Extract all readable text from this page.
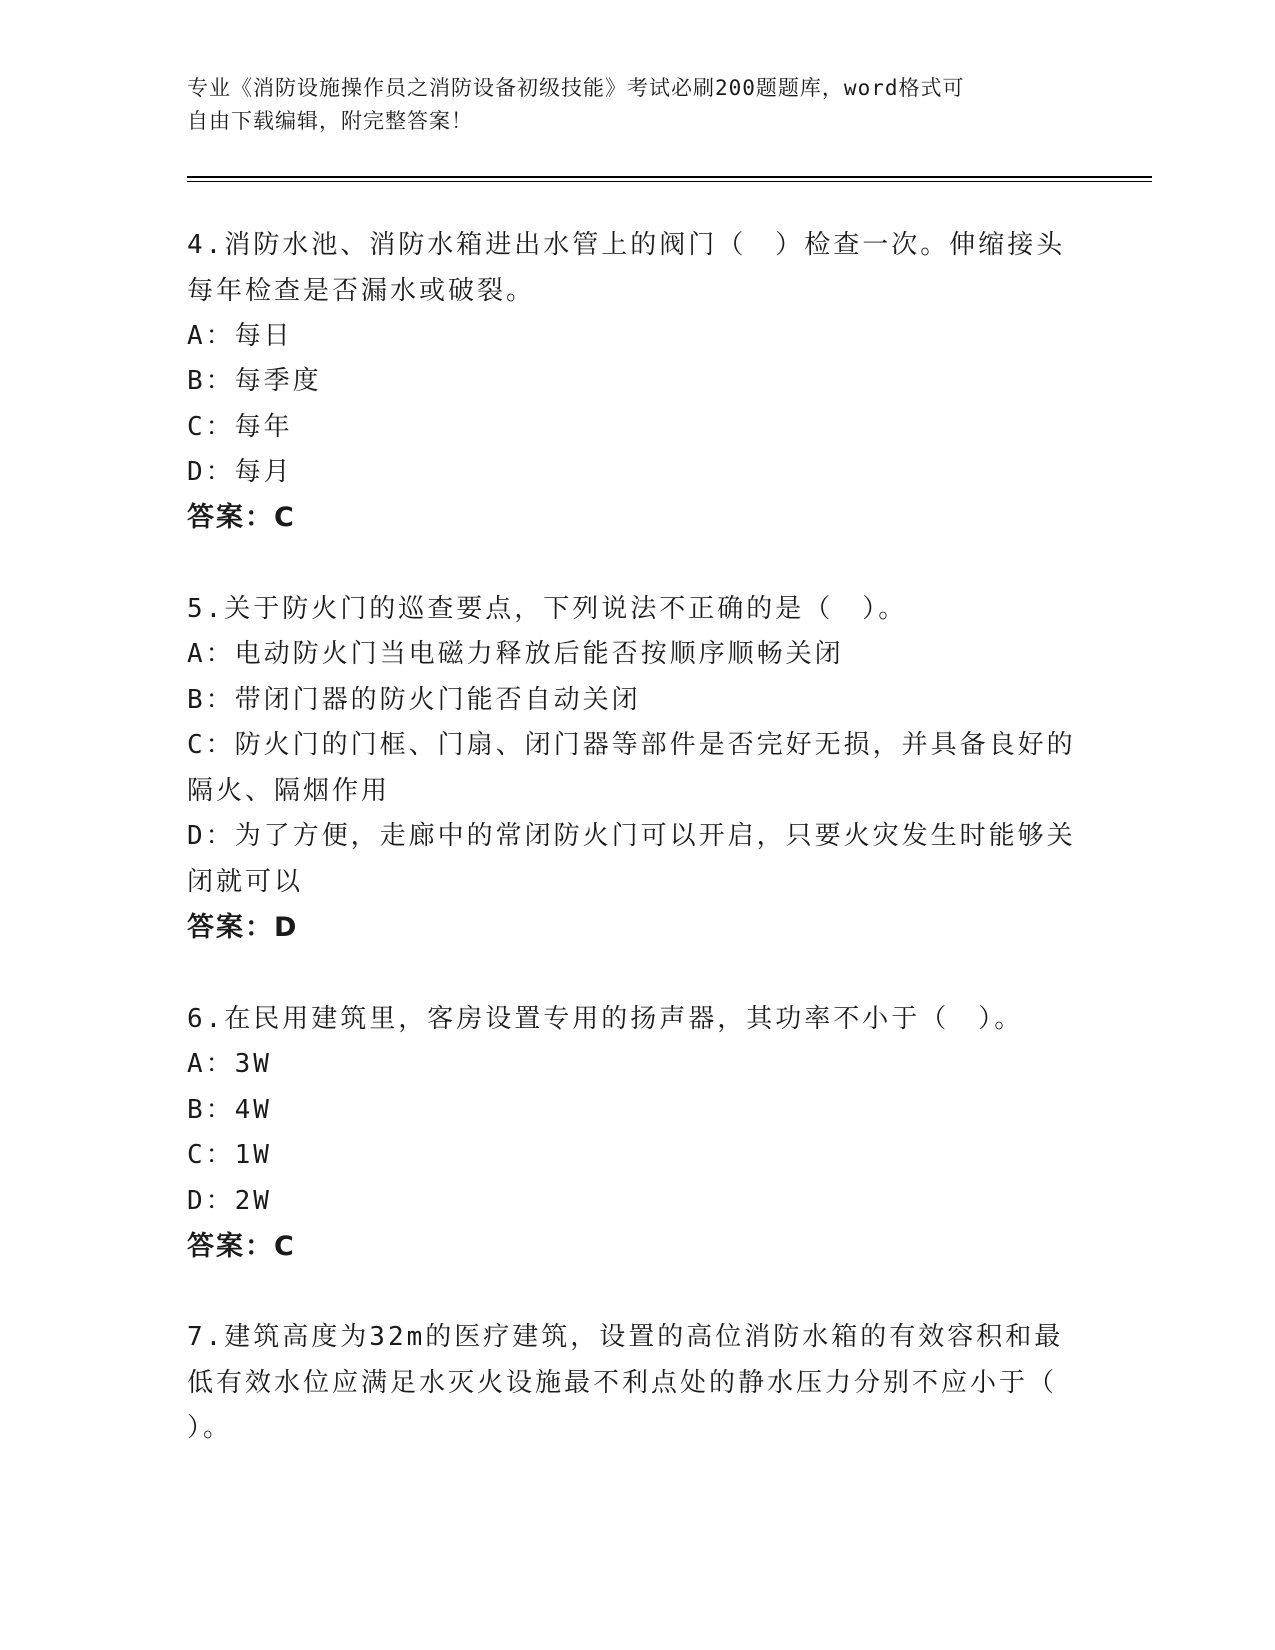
专业《消防设施操作员之消防设备初级技能》考试必刷200题题库，word格式可
自由下载编辑，附完整答案！
4.消防水池、消防水箱进出水管上的阀门（　）检查一次。伸缩接头
每年检查是否漏水或破裂。
A：每日
B：每季度
C：每年
D：每月
答案：C
5.关于防火门的巡查要点，下列说法不正确的是（　）。
A：电动防火门当电磁力释放后能否按顺序顺畅关闭
B：带闭门器的防火门能否自动关闭
C：防火门的门框、门扇、闭门器等部件是否完好无损，并具备良好的
隔火、隔烟作用
D：为了方便，走廊中的常闭防火门可以开启，只要火灾发生时能够关
闭就可以
答案：D
6.在民用建筑里，客房设置专用的扬声器，其功率不小于（　）。
A：3W
B：4W
C：1W
D：2W
答案：C
7.建筑高度为32m的医疗建筑，设置的高位消防水箱的有效容积和最
低有效水位应满足水灭火设施最不利点处的静水压力分别不应小于（
）。
